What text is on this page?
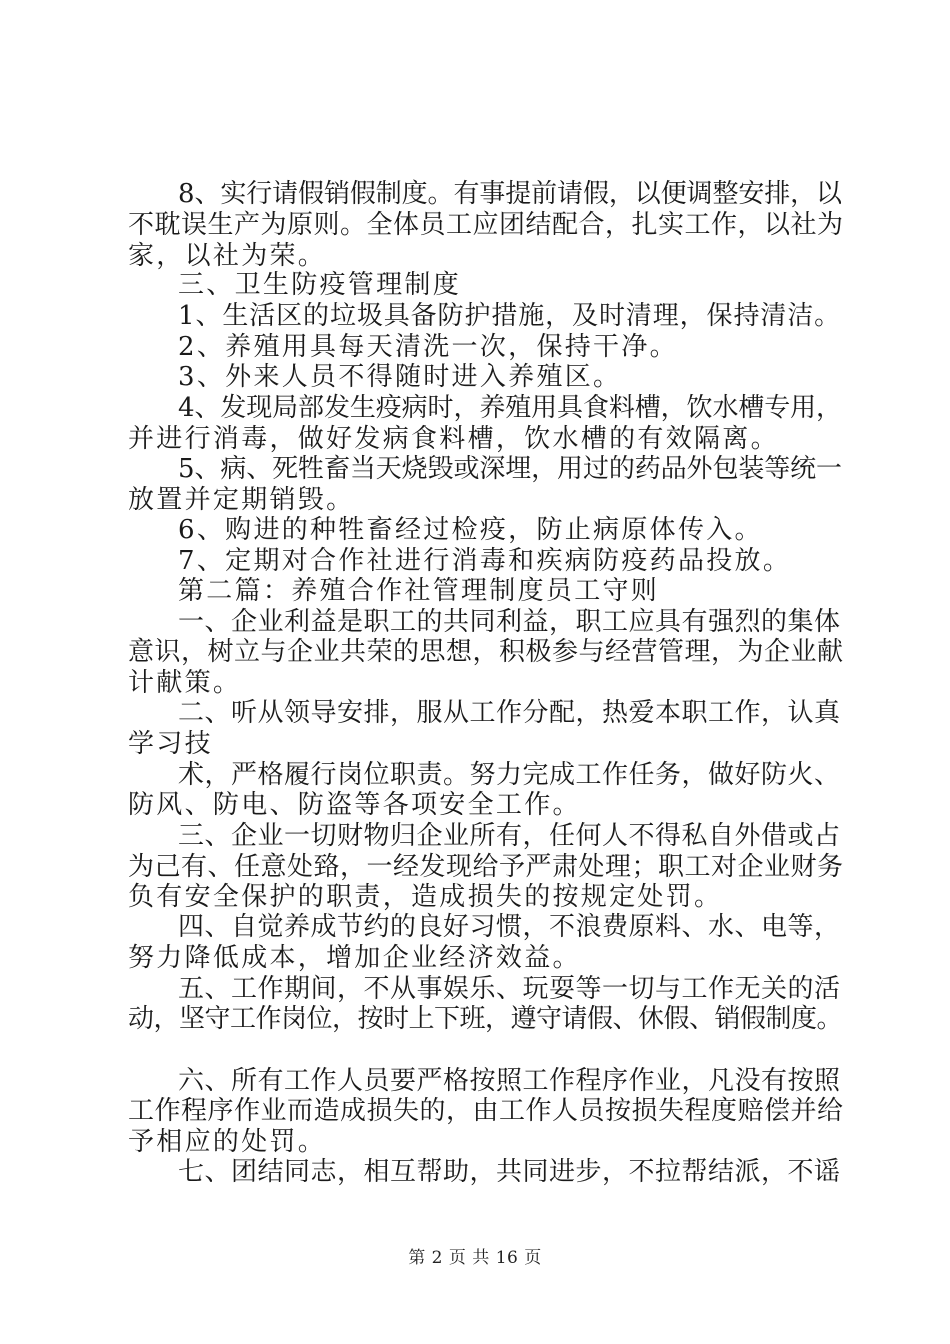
8、实行请假销假制度。有事提前请假，以便调整安排，以
不耽误生产为原则。全体员工应团结配合，扎实工作，以社为
家，以社为荣。
三、卫生防疫管理制度
1、生活区的垃圾具备防护措施，及时清理，保持清洁。
2、养殖用具每天清洗一次，保持干净。
3、外来人员不得随时进入养殖区。
4、发现局部发生疫病时，养殖用具食料槽，饮水槽专用，
并进行消毒，做好发病食料槽，饮水槽的有效隔离。
5、病、死牲畜当天烧毁或深埋，用过的药品外包装等统一
放置并定期销毁。
6、购进的种牲畜经过检疫，防止病原体传入。
7、定期对合作社进行消毒和疾病防疫药品投放。
第二篇：养殖合作社管理制度员工守则
一、企业利益是职工的共同利益，职工应具有强烈的集体
意识，树立与企业共荣的思想，积极参与经营管理，为企业献
计献策。
二、听从领导安排，服从工作分配，热爱本职工作，认真
学习技
术，严格履行岗位职责。努力完成工作任务，做好防火、
防风、防电、防盗等各项安全工作。
三、企业一切财物归企业所有，任何人不得私自外借或占
为己有、任意处臵，一经发现给予严肃处理；职工对企业财务
负有安全保护的职责，造成损失的按规定处罚。
四、自觉养成节约的良好习惯，不浪费原料、水、电等，
努力降低成本，增加企业经济效益。
五、工作期间，不从事娱乐、玩耍等一切与工作无关的活
动，坚守工作岗位，按时上下班，遵守请假、休假、销假制度。
六、所有工作人员要严格按照工作程序作业，凡没有按照
工作程序作业而造成损失的，由工作人员按损失程度赔偿并给
予相应的处罚。
七、团结同志，相互帮助，共同进步，不拉帮结派，不谣
第 2 页 共 16 页
